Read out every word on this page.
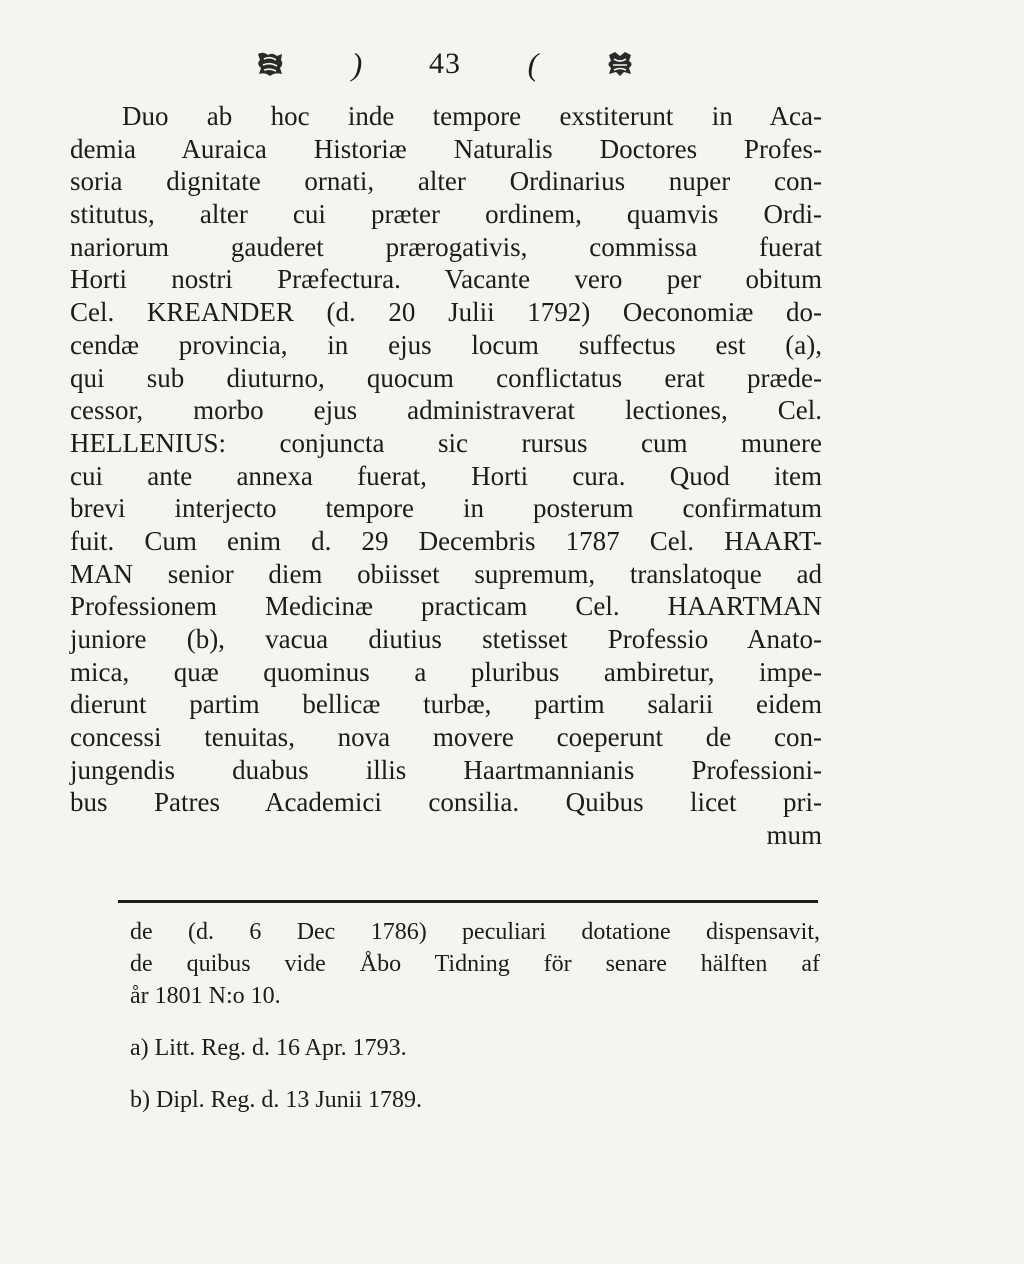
) 43 (
Duo ab hoc inde tempore exstiterunt in Aca-
demia Auraica Historiæ Naturalis Doctores Profes-
soria dignitate ornati, alter Ordinarius nuper con-
stitutus, alter cui præter ordinem, quamvis Ordi-
nariorum gauderet prærogativis, commissa fuerat
Horti nostri Præfectura. Vacante vero per obitum
Cel. KREANDER (d. 20 Julii 1792) Oeconomiæ do-
cendæ provincia, in ejus locum suffectus est (a),
qui sub diuturno, quocum conflictatus erat præde-
cessor, morbo ejus administraverat lectiones, Cel.
HELLENIUS: conjuncta sic rursus cum munere
cui ante annexa fuerat, Horti cura. Quod item
brevi interjecto tempore in posterum confirmatum
fuit. Cum enim d. 29 Decembris 1787 Cel. HAART-
MAN senior diem obiisset supremum, translatoque ad
Professionem Medicinæ practicam Cel. HAARTMAN
juniore (b), vacua diutius stetisset Professio Anato-
mica, quæ quominus a pluribus ambiretur, impe-
dierunt partim bellicæ turbæ, partim salarii eidem
concessi tenuitas, nova movere coeperunt de con-
jungendis duabus illis Haartmannianis Professioni-
bus Patres Academici consilia. Quibus licet pri-
mum
de (d. 6 Dec 1786) peculiari dotatione dispensavit,
de quibus vide Åbo Tidning för senare hälften af
år 1801 N:o 10.
a) Litt. Reg. d. 16 Apr. 1793.
b) Dipl. Reg. d. 13 Junii 1789.
